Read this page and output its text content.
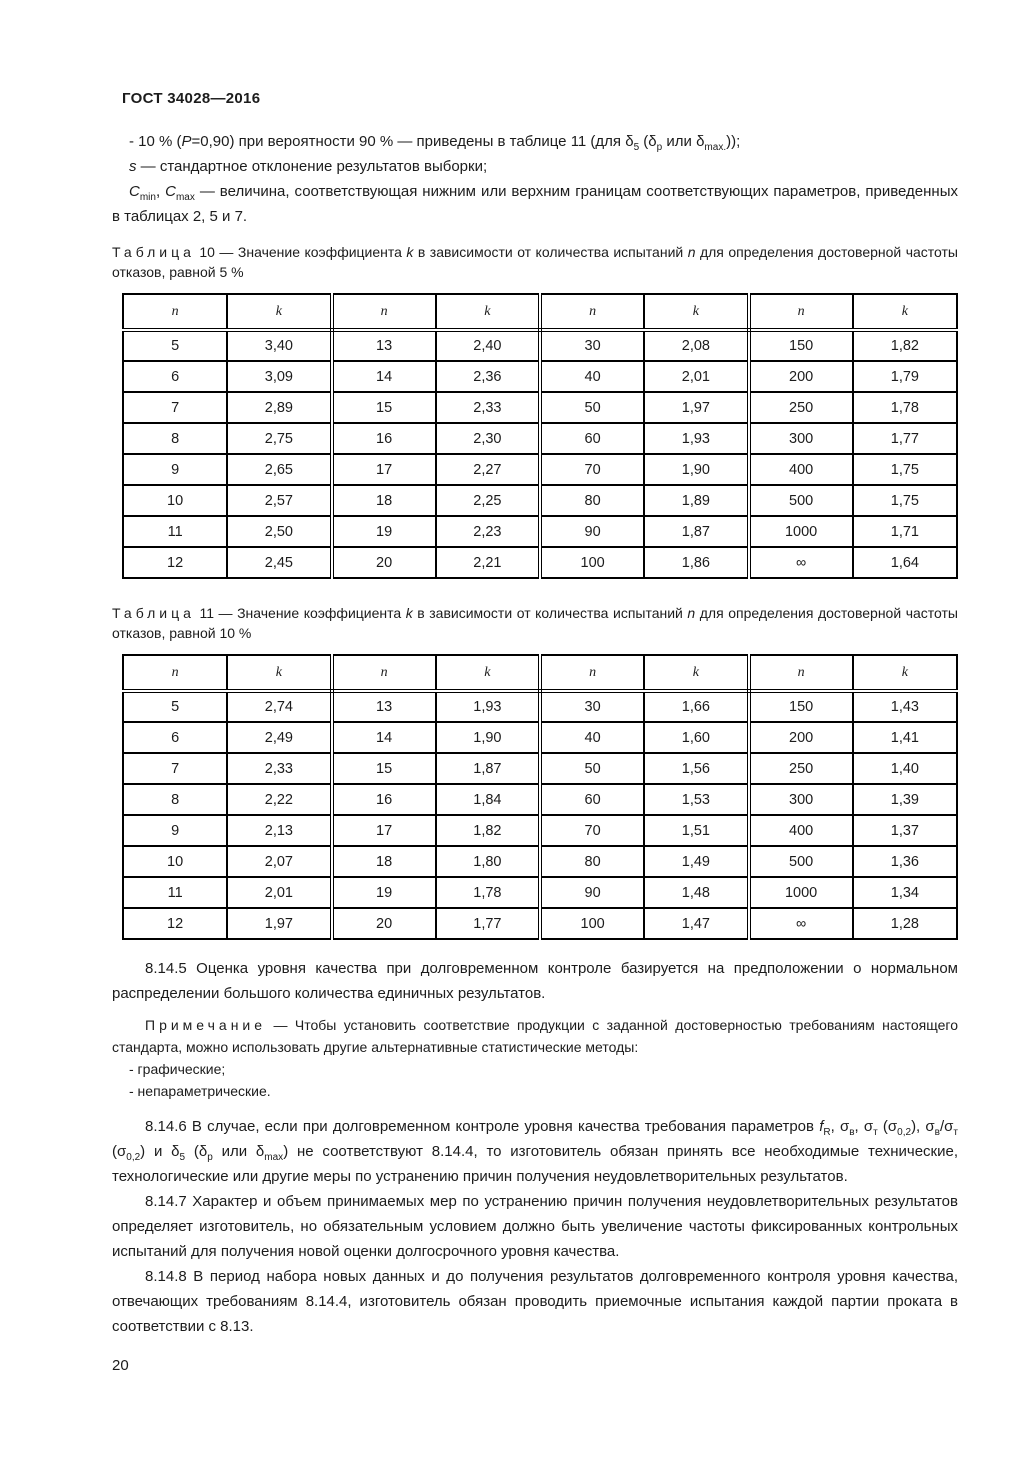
ГОСТ 34028—2016
- 10 % (P=0,90) при вероятности 90 % — приведены в таблице 11 (для $\delta_5$ ($\delta_р$ или $\delta_{max.}$));
s — стандартное отклонение результатов выборки;
$C_{min}$, $C_{max}$ — величина, соответствующая нижним или верхним границам соответствующих параметров, приведенных в таблицах 2, 5 и 7.
Таблица 10 — Значение коэффициента k в зависимости от количества испытаний n для определения достоверной частоты отказов, равной 5 %
n	k	n	k	n	k	n	k
5	3,40	13	2,40	30	2,08	150	1,82
6	3,09	14	2,36	40	2,01	200	1,79
7	2,89	15	2,33	50	1,97	250	1,78
8	2,75	16	2,30	60	1,93	300	1,77
9	2,65	17	2,27	70	1,90	400	1,75
10	2,57	18	2,25	80	1,89	500	1,75
11	2,50	19	2,23	90	1,87	1000	1,71
12	2,45	20	2,21	100	1,86	∞	1,64
Таблица 11 — Значение коэффициента k в зависимости от количества испытаний n для определения достоверной частоты отказов, равной 10 %
n	k	n	k	n	k	n	k
5	2,74	13	1,93	30	1,66	150	1,43
6	2,49	14	1,90	40	1,60	200	1,41
7	2,33	15	1,87	50	1,56	250	1,40
8	2,22	16	1,84	60	1,53	300	1,39
9	2,13	17	1,82	70	1,51	400	1,37
10	2,07	18	1,80	80	1,49	500	1,36
11	2,01	19	1,78	90	1,48	1000	1,34
12	1,97	20	1,77	100	1,47	∞	1,28
8.14.5 Оценка уровня качества при долговременном контроле базируется на предположении о нормальном распределении большого количества единичных результатов.
Примечание — Чтобы установить соответствие продукции с заданной достоверностью требованиям настоящего стандарта, можно использовать другие альтернативные статистические методы:
- графические;
- непараметрические.
8.14.6 В случае, если при долговременном контроле уровня качества требования параметров $f_R$, $\sigma_в$, $\sigma_т$ $(\sigma_{0,2})$, $\sigma_в/\sigma_т$ $(\sigma_{0,2})$ и $\delta_5$ ($\delta_р$ или $\delta_{max}$) не соответствуют 8.14.4, то изготовитель обязан принять все необходимые технические, технологические или другие меры по устранению причин получения неудовлетворительных результатов.
8.14.7 Характер и объем принимаемых мер по устранению причин получения неудовлетворительных результатов определяет изготовитель, но обязательным условием должно быть увеличение частоты фиксированных контрольных испытаний для получения новой оценки долгосрочного уровня качества.
8.14.8 В период набора новых данных и до получения результатов долговременного контроля уровня качества, отвечающих требованиям 8.14.4, изготовитель обязан проводить приемочные испытания каждой партии проката в соответствии с 8.13.
20
